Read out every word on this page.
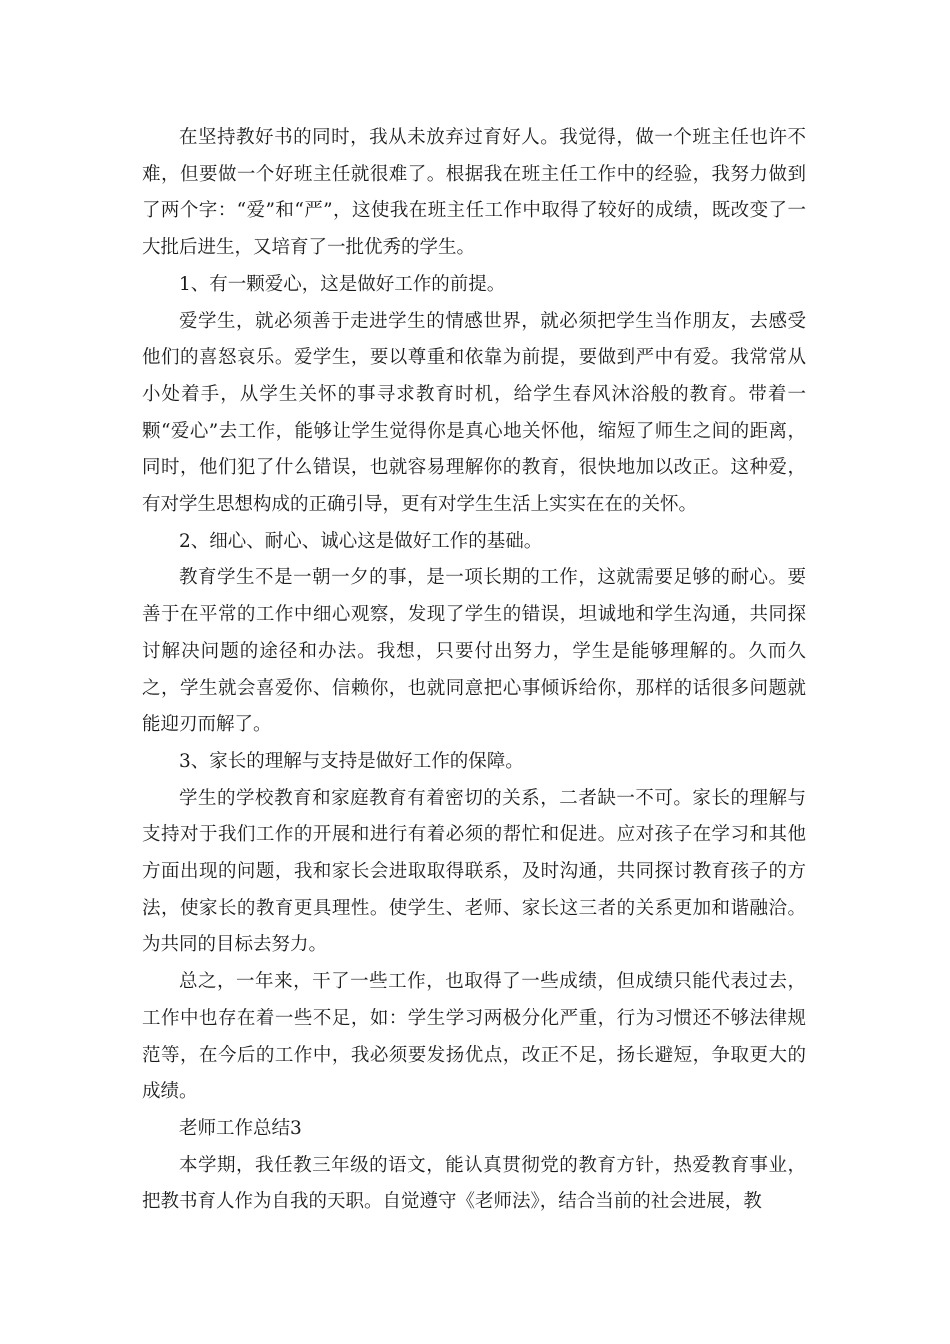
在坚持教好书的同时，我从未放弃过育好人。我觉得，做一个班主任也许不难，但要做一个好班主任就很难了。根据我在班主任工作中的经验，我努力做到了两个字：“爱”和“严”，这使我在班主任工作中取得了较好的成绩，既改变了一大批后进生，又培育了一批优秀的学生。

1、有一颗爱心，这是做好工作的前提。

爱学生，就必须善于走进学生的情感世界，就必须把学生当作朋友，去感受他们的喜怒哀乐。爱学生，要以尊重和依靠为前提，要做到严中有爱。我常常从小处着手，从学生关怀的事寻求教育时机，给学生春风沐浴般的教育。带着一颗“爱心”去工作，能够让学生觉得你是真心地关怀他，缩短了师生之间的距离，同时，他们犯了什么错误，也就容易理解你的教育，很快地加以改正。这种爱，有对学生思想构成的正确引导，更有对学生生活上实实在在的关怀。

2、细心、耐心、诚心这是做好工作的基础。

教育学生不是一朝一夕的事，是一项长期的工作，这就需要足够的耐心。要善于在平常的工作中细心观察，发现了学生的错误，坦诚地和学生沟通，共同探讨解决问题的途径和办法。我想，只要付出努力，学生是能够理解的。久而久之，学生就会喜爱你、信赖你，也就同意把心事倾诉给你，那样的话很多问题就能迎刃而解了。

3、家长的理解与支持是做好工作的保障。

学生的学校教育和家庭教育有着密切的关系，二者缺一不可。家长的理解与支持对于我们工作的开展和进行有着必须的帮忙和促进。应对孩子在学习和其他方面出现的问题，我和家长会进取取得联系，及时沟通，共同探讨教育孩子的方法，使家长的教育更具理性。使学生、老师、家长这三者的关系更加和谐融洽。为共同的目标去努力。

总之，一年来，干了一些工作，也取得了一些成绩，但成绩只能代表过去，工作中也存在着一些不足，如：学生学习两极分化严重，行为习惯还不够法律规范等，在今后的工作中，我必须要发扬优点，改正不足，扬长避短，争取更大的成绩。

老师工作总结3

本学期，我任教三年级的语文，能认真贯彻党的教育方针，热爱教育事业，把教书育人作为自我的天职。自觉遵守《老师法》，结合当前的社会进展，教
